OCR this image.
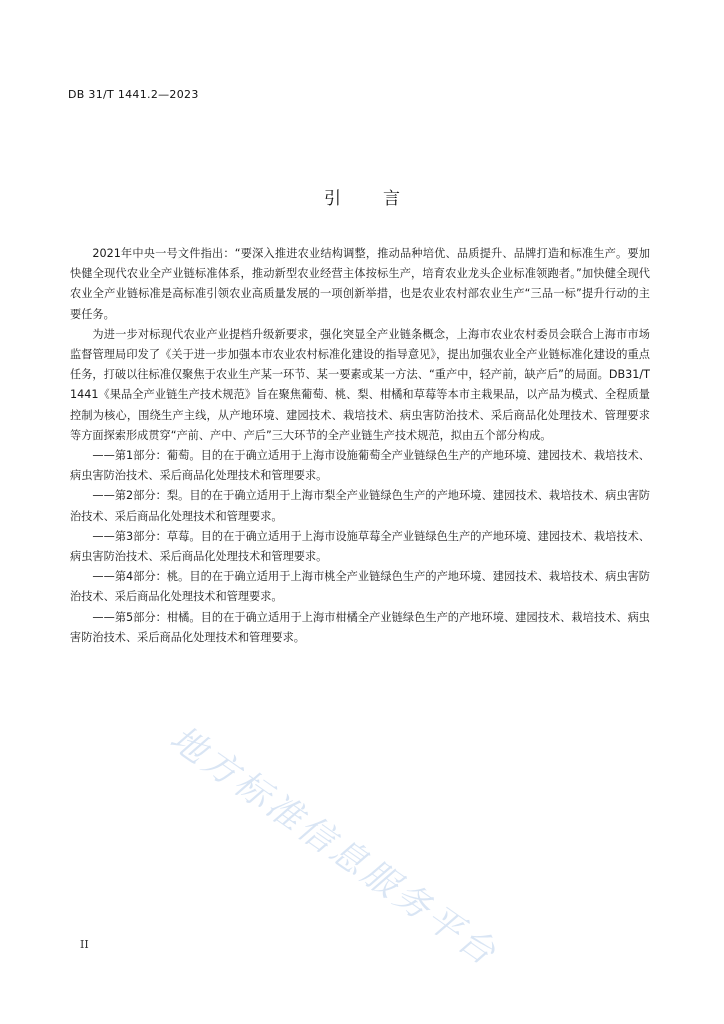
DB 31/T 1441.2—2023
引言

2021年中央一号文件指出：“要深入推进农业结构调整，推动品种培优、品质提升、品牌打造和标准生产。要加快健全现代农业全产业链标准体系，推动新型农业经营主体按标生产，培育农业龙头企业标准领跑者。”加快健全现代农业全产业链标准是高标准引领农业高质量发展的一项创新举措，也是农业农村部农业生产“三品一标”提升行动的主要任务。

为进一步对标现代农业产业提档升级新要求，强化突显全产业链条概念，上海市农业农村委员会联合上海市市场监督管理局印发了《关于进一步加强本市农业农村标准化建设的指导意见》，提出加强农业全产业链标准化建设的重点任务，打破以往标准仅聚焦于农业生产某一环节、某一要素或某一方法、“重产中，轻产前，缺产后”的局面。DB31/T 1441《果品全产业链生产技术规范》旨在聚焦葡萄、桃、梨、柑橘和草莓等本市主栽果品，以产品为模式、全程质量控制为核心，围绕生产主线，从产地环境、建园技术、栽培技术、病虫害防治技术、采后商品化处理技术、管理要求等方面探索形成贯穿“产前、产中、产后”三大环节的全产业链生产技术规范，拟由五个部分构成。

——第1部分：葡萄。目的在于确立适用于上海市设施葡萄全产业链绿色生产的产地环境、建园技术、栽培技术、病虫害防治技术、采后商品化处理技术和管理要求。

——第2部分：梨。目的在于确立适用于上海市梨全产业链绿色生产的产地环境、建园技术、栽培技术、病虫害防治技术、采后商品化处理技术和管理要求。

——第3部分：草莓。目的在于确立适用于上海市设施草莓全产业链绿色生产的产地环境、建园技术、栽培技术、病虫害防治技术、采后商品化处理技术和管理要求。

——第4部分：桃。目的在于确立适用于上海市桃全产业链绿色生产的产地环境、建园技术、栽培技术、病虫害防治技术、采后商品化处理技术和管理要求。

——第5部分：柑橘。目的在于确立适用于上海市柑橘全产业链绿色生产的产地环境、建园技术、栽培技术、病虫害防治技术、采后商品化处理技术和管理要求。

地方标准信息服务平台
II
